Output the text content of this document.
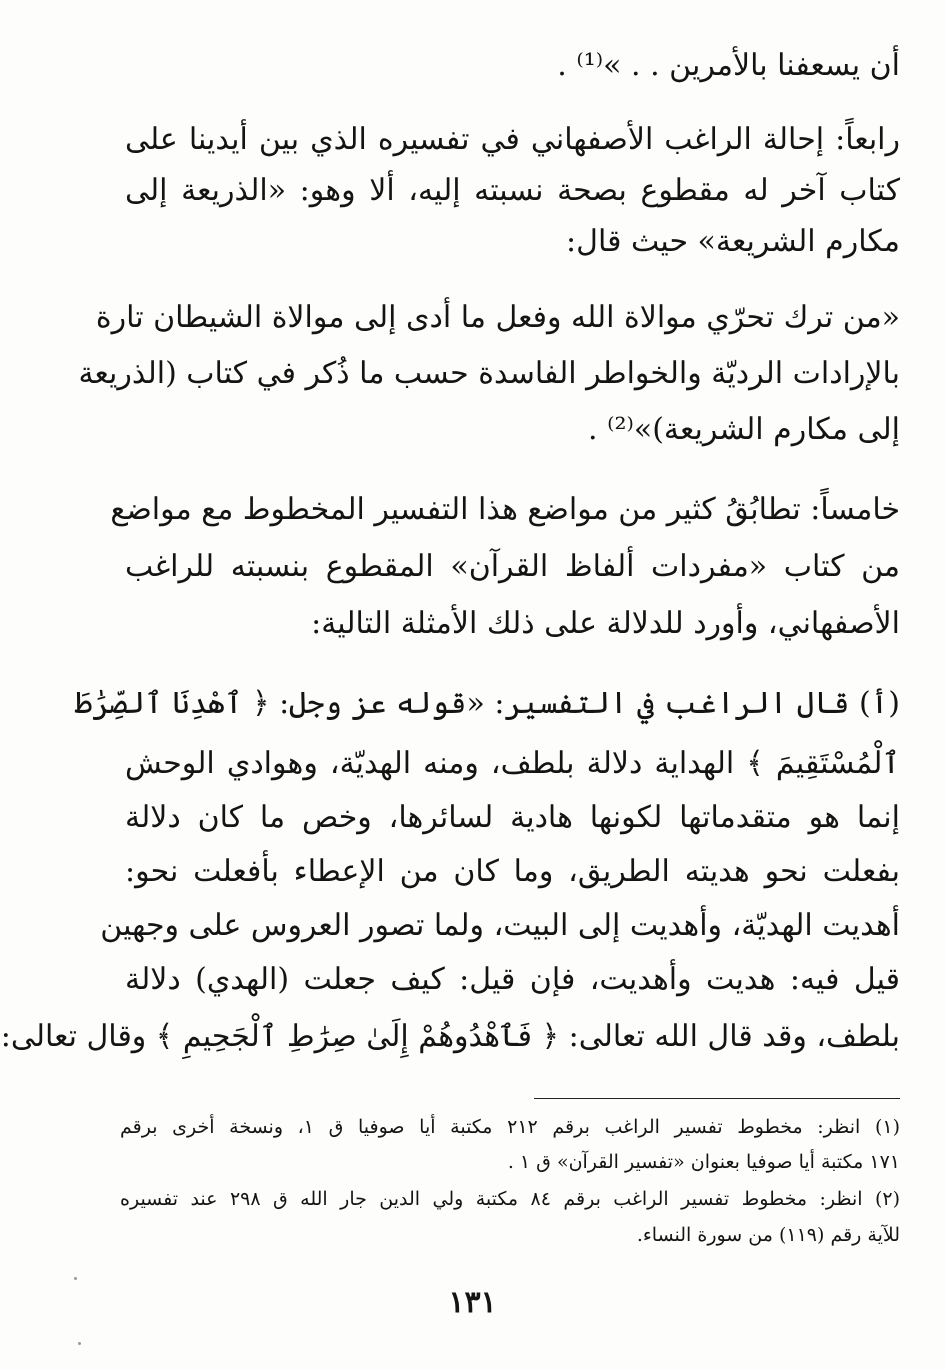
أن يسعفنا بالأمرين . . »⁽¹⁾ .
رابعاً: إحالة الراغب الأصفهاني في تفسيره الذي بين أيدينا على
كتاب آخر له مقطوع بصحة نسبته إليه، ألا وهو: «الذريعة إلى
مكارم الشريعة» حيث قال:
«من ترك تحرّي موالاة الله وفعل ما أدى إلى موالاة الشيطان تارة
بالإرادات الرديّة والخواطر الفاسدة حسب ما ذُكر في كتاب (الذريعة
إلى مكارم الشريعة)»⁽²⁾ .
خامساً: تطابُقُ كثير من مواضع هذا التفسير المخطوط مع مواضع
من كتاب «مفردات ألفاظ القرآن» المقطوع بنسبته للراغب
الأصفهاني، وأورد للدلالة على ذلك الأمثلة التالية:
(أ) قال الراغب في التفسير: «قوله عز وجل: ﴿ ٱهْدِنَا ٱلصِّرَٰطَ
ٱلْمُسْتَقِيمَ ﴾ الهداية دلالة بلطف، ومنه الهديّة، وهوادي الوحش
إنما هو متقدماتها لكونها هادية لسائرها، وخص ما كان دلالة
بفعلت نحو هديته الطريق، وما كان من الإعطاء بأفعلت نحو:
أهديت الهديّة، وأهديت إلى البيت، ولما تصور العروس على وجهين
قيل فيه: هديت وأهديت، فإن قيل: كيف جعلت (الهدي) دلالة
بلطف، وقد قال الله تعالى: ﴿ فَٱهْدُوهُمْ إِلَىٰ صِرَٰطِ ٱلْجَحِيمِ ﴾ وقال تعالى:
(١) انظر: مخطوط تفسير الراغب برقم ٢١٢ مكتبة أيا صوفيا ق ١، ونسخة أخرى برقم
١٧١ مكتبة أيا صوفيا بعنوان «تفسير القرآن» ق ١ .
(٢) انظر: مخطوط تفسير الراغب برقم ٨٤ مكتبة ولي الدين جار الله ق ٢٩٨ عند تفسيره
للآية رقم (١١٩) من سورة النساء.
١٣١
